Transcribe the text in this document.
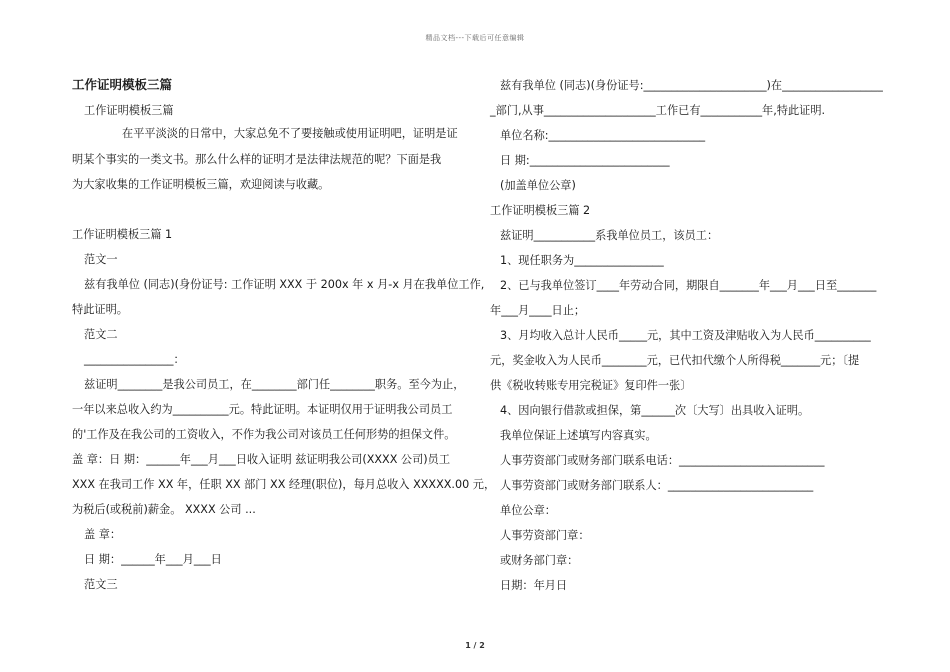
精品文档---下载后可任意编辑
工作证明模板三篇
工作证明模板三篇
在平平淡淡的日常中，大家总免不了要接触或使用证明吧，证明是证
明某个事实的一类文书。那么什么样的证明才是法律法规范的呢？下面是我
为大家收集的工作证明模板三篇，欢迎阅读与收藏。
工作证明模板三篇 1
范文一
兹有我单位 (同志)(身份证号: 工作证明 XXX 于 200x 年 x 月-x 月在我单位工作,
特此证明。
范文二
________________：
兹证明________是我公司员工，在________部门任________职务。至今为止，
一年以来总收入约为__________元。特此证明。本证明仅用于证明我公司员工
的'工作及在我公司的工资收入，不作为我公司对该员工任何形势的担保文件。
盖 章：日 期：______年___月___日收入证明 兹证明我公司(XXXX 公司)员工
XXX 在我司工作 XX 年，任职 XX 部门 XX 经理(职位)，每月总收入 XXXXX.00 元，
为税后(或税前)薪金。 XXXX 公司 ...
盖 章：
日 期：______年___月___日
范文三
兹有我单位 (同志)(身份证号:______________________)在__________________
_部门,从事____________________工作已有___________年,特此证明.
单位名称:____________________________
日 期:_________________________
(加盖单位公章)
工作证明模板三篇 2
兹证明___________系我单位员工，该员工：
1、现任职务为________________
2、已与我单位签订____年劳动合同，期限自_______年___月___日至_______
年___月____日止；
3、月均收入总计人民币_____元，其中工资及津贴收入为人民币__________
元，奖金收入为人民币________元，已代扣代缴个人所得税_______元；〔提
供《税收转账专用完税证》复印件一张〕
4、因向银行借款或担保，第______次〔大写〕出具收入证明。
我单位保证上述填写内容真实。
人事劳资部门或财务部门联系电话：__________________________
人事劳资部门或财务部门联系人：__________________________
单位公章：
人事劳资部门章：
或财务部门章：
日期：年月日
1 / 2
